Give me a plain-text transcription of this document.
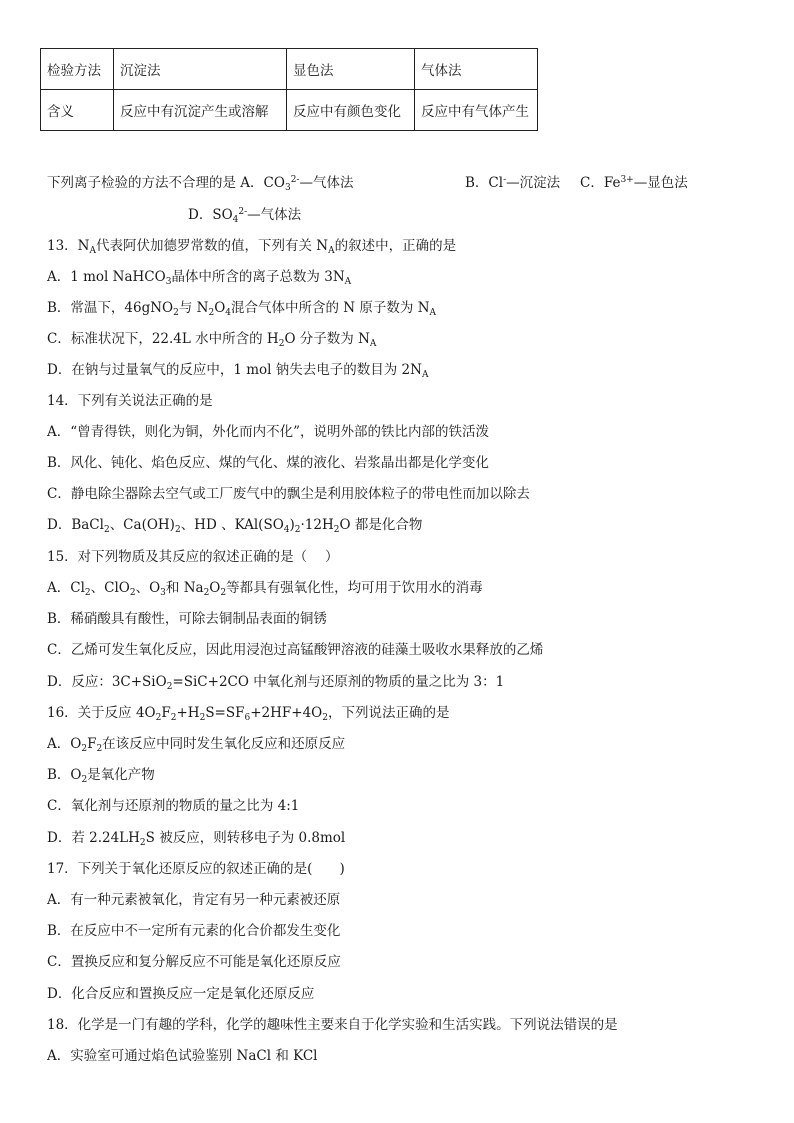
检验方法	沉淀法	显色法	气体法
含义	反应中有沉淀产生或溶解	反应中有颜色变化	反应中有气体产生
下列离子检验的方法不合理的是 A．$CO_3^{2-}—$气体法	B．Cl-—沉淀法 C．$Fe^{3+}—$显色法
D．$SO_4^{2-}—$气体法
13．$N_A$代表阿伏加德罗常数的值，下列有关 $N_A$的叙述中，正确的是
A．1 mol NaHCO$_3$晶体中所含的离子总数为 $3N_A$
B．常温下，46gNO$_2$与 $N_2O_4$混合气体中所含的 N 原子数为 $N_A$
C．标准状况下，22.4L 水中所含的 $H_2O$ 分子数为 $N_A$
D．在钠与过量氧气的反应中，1 mol 钠失去电子的数目为 $2N_A$
14．下列有关说法正确的是
A．“曾青得铁，则化为铜，外化而内不化”，说明外部的铁比内部的铁活泼
B．风化、钝化、焰色反应、煤的气化、煤的液化、岩浆晶出都是化学变化
C．静电除尘器除去空气或工厂废气中的飘尘是利用胶体粒子的带电性而加以除去
D．BaCl$_2$、$Ca(OH)_2$、HD 、$KAl(SO_4)_2\cdot 12H_2O$ 都是化合物
15．对下列物质及其反应的叙述正确的是（　 ）
A．$Cl_2$、ClO$_2$、$O_3$和 $Na_2O_2$等都具有强氧化性，均可用于饮用水的消毒
B．稀硝酸具有酸性，可除去铜制品表面的铜锈
C．乙烯可发生氧化反应，因此用浸泡过高锰酸钾溶液的硅藻土吸收水果释放的乙烯
D．反应：3C+SiO$_2$=SiC+2CO 中氧化剂与还原剂的物质的量之比为 3：1
16．关于反应 $4O_2F_2+H_2S=SF_6+2HF+4O_2$，下列说法正确的是
A．$O_2F_2$在该反应中同时发生氧化反应和还原反应
B．$O_2$是氧化产物
C．氧化剂与还原剂的物质的量之比为 4:1
D．若 $2.24LH_2S$ 被反应，则转移电子为 0.8mol
17．下列关于氧化还原反应的叙述正确的是(　　)
A．有一种元素被氧化，肯定有另一种元素被还原
B．在反应中不一定所有元素的化合价都发生变化
C．置换反应和复分解反应不可能是氧化还原反应
D．化合反应和置换反应一定是氧化还原反应
18．化学是一门有趣的学科，化学的趣味性主要来自于化学实验和生活实践。下列说法错误的是
A．实验室可通过焰色试验鉴别 NaCl 和 KCl
